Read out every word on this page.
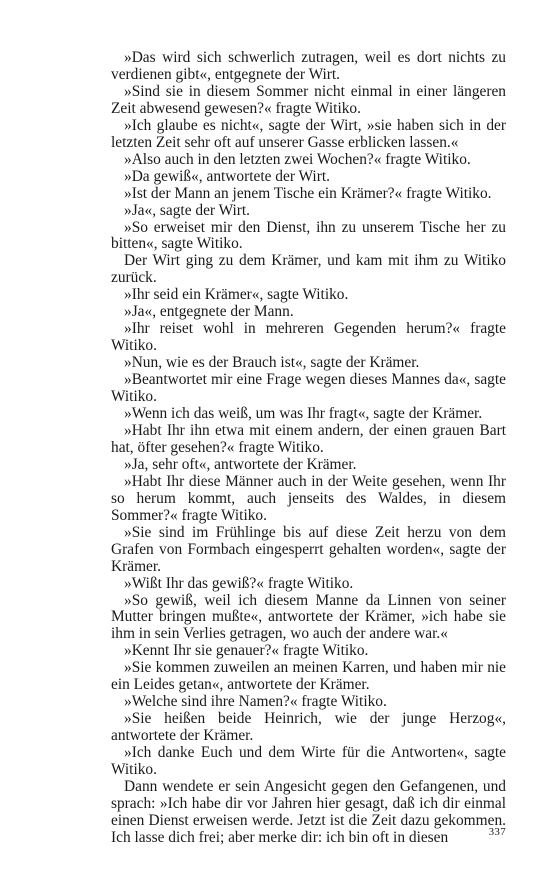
»Das wird sich schwerlich zutragen, weil es dort nichts zu verdienen gibt«, entgegnete der Wirt.

»Sind sie in diesem Sommer nicht einmal in einer längeren Zeit abwesend gewesen?« fragte Witiko.

»Ich glaube es nicht«, sagte der Wirt, »sie haben sich in der letzten Zeit sehr oft auf unserer Gasse erblicken lassen.«

»Also auch in den letzten zwei Wochen?« fragte Witiko.

»Da gewiß«, antwortete der Wirt.

»Ist der Mann an jenem Tische ein Krämer?« fragte Witiko.

»Ja«, sagte der Wirt.

»So erweiset mir den Dienst, ihn zu unserem Tische her zu bitten«, sagte Witiko.

Der Wirt ging zu dem Krämer, und kam mit ihm zu Witiko zurück.

»Ihr seid ein Krämer«, sagte Witiko.

»Ja«, entgegnete der Mann.

»Ihr reiset wohl in mehreren Gegenden herum?« fragte Witiko.

»Nun, wie es der Brauch ist«, sagte der Krämer.

»Beantwortet mir eine Frage wegen dieses Mannes da«, sagte Witiko.

»Wenn ich das weiß, um was Ihr fragt«, sagte der Krämer.

»Habt Ihr ihn etwa mit einem andern, der einen grauen Bart hat, öfter gesehen?« fragte Witiko.

»Ja, sehr oft«, antwortete der Krämer.

»Habt Ihr diese Männer auch in der Weite gesehen, wenn Ihr so herum kommt, auch jenseits des Waldes, in diesem Sommer?« fragte Witiko.

»Sie sind im Frühlinge bis auf diese Zeit herzu von dem Grafen von Formbach eingesperrt gehalten worden«, sagte der Krämer.

»Wißt Ihr das gewiß?« fragte Witiko.

»So gewiß, weil ich diesem Manne da Linnen von seiner Mutter bringen mußte«, antwortete der Krämer, »ich habe sie ihm in sein Verlies getragen, wo auch der andere war.«

»Kennt Ihr sie genauer?« fragte Witiko.

»Sie kommen zuweilen an meinen Karren, und haben mir nie ein Leides getan«, antwortete der Krämer.

»Welche sind ihre Namen?« fragte Witiko.

»Sie heißen beide Heinrich, wie der junge Herzog«, antwortete der Krämer.

»Ich danke Euch und dem Wirte für die Antworten«, sagte Witiko.

Dann wendete er sein Angesicht gegen den Gefangenen, und sprach: »Ich habe dir vor Jahren hier gesagt, daß ich dir einmal einen Dienst erweisen werde. Jetzt ist die Zeit dazu gekommen. Ich lasse dich frei; aber merke dir: ich bin oft in diesen	337
